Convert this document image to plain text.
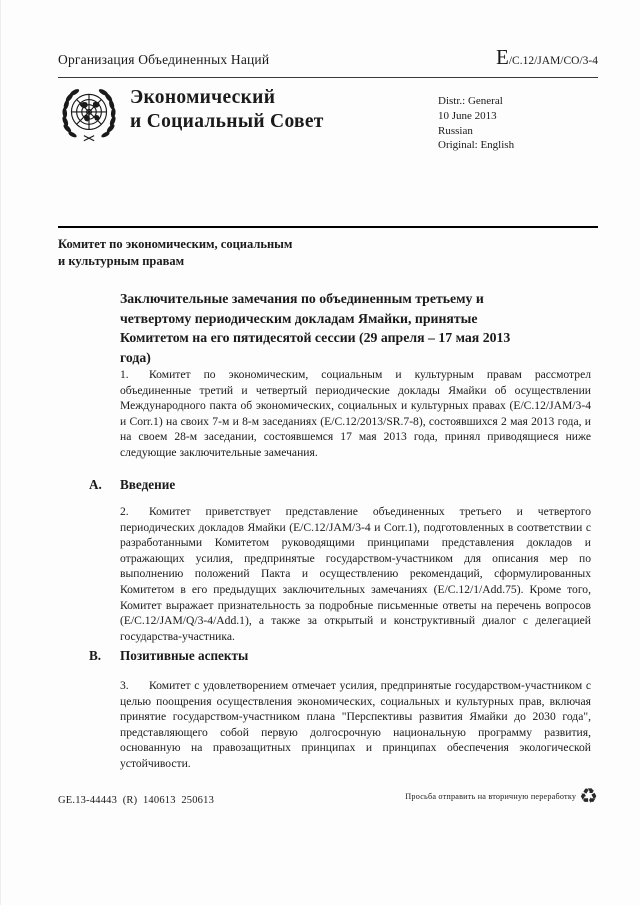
Организация Объединенных Наций	E/C.12/JAM/CO/3-4
Экономический
и Социальный Совет
Distr.: General
10 June 2013
Russian
Original: English
Комитет по экономическим, социальным
и культурным правам
Заключительные замечания по объединенным третьему и четвертому периодическим докладам Ямайки, принятые Комитетом на его пятидесятой сессии (29 апреля – 17 мая 2013 года)
1. Комитет по экономическим, социальным и культурным правам рассмотрел объединенные третий и четвертый периодические доклады Ямайки об осуществлении Международного пакта об экономических, социальных и культурных правах (E/C.12/JAM/3-4 и Corr.1) на своих 7-м и 8-м заседаниях (E/C.12/2013/SR.7-8), состоявшихся 2 мая 2013 года, и на своем 28-м заседании, состоявшемся 17 мая 2013 года, принял приводящиеся ниже следующие заключительные замечания.
A. Введение
2. Комитет приветствует представление объединенных третьего и четвертого периодических докладов Ямайки (E/C.12/JAM/3-4 и Corr.1), подготовленных в соответствии с разработанными Комитетом руководящими принципами представления докладов и отражающих усилия, предпринятые государством-участником для описания мер по выполнению положений Пакта и осуществлению рекомендаций, сформулированных Комитетом в его предыдущих заключительных замечаниях (E/C.12/1/Add.75). Кроме того, Комитет выражает признательность за подробные письменные ответы на перечень вопросов (E/C.12/JAM/Q/3-4/Add.1), а также за открытый и конструктивный диалог с делегацией государства-участника.
B. Позитивные аспекты
3. Комитет с удовлетворением отмечает усилия, предпринятые государством-участником с целью поощрения осуществления экономических, социальных и культурных прав, включая принятие государством-участником плана "Перспективы развития Ямайки до 2030 года", представляющего собой первую долгосрочную национальную программу развития, основанную на правозащитных принципах и принципах обеспечения экологической устойчивости.
GE.13-44443  (R)  140613  250613	Просьба отправить на вторичную переработку ♻
